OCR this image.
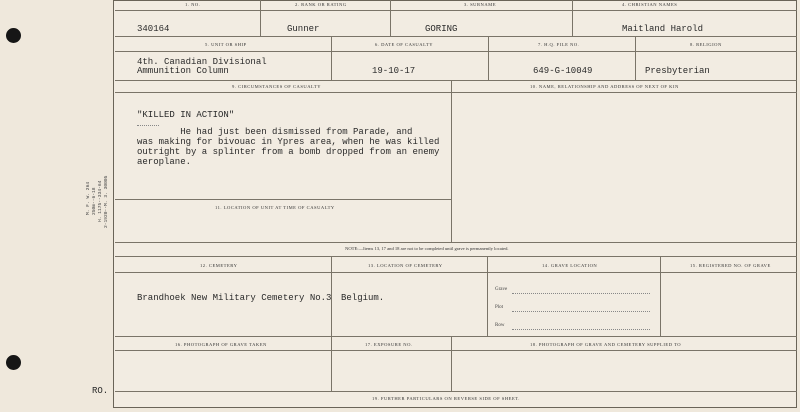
M. F. W. 264 250m--6-18 H. 1175--334-64 2-1920--M. 3. 30005
RO.
1. NO.	2. RANK OR RATING	3. SURNAME	4. CHRISTIAN NAMES
340164	Gunner	GORING	Maitland Harold
5. UNIT OR SHIP	6. DATE OF CASUALTY	7. H.Q. FILE NO.	8. RELIGION
4th. Canadian Divisional
Ammunition Column	19-10-17	649-G-10049	Presbyterian
9. CIRCUMSTANCES OF CASUALTY	10. NAME, RELATIONSHIP AND ADDRESS OF NEXT OF KIN
"KILLED IN ACTION"
He had just been dismissed from Parade, and
was making for bivouac in Ypres area, when he was killed
outright by a splinter from a bomb dropped from an enemy
aeroplane.
11. LOCATION OF UNIT AT TIME OF CASUALTY
NOTE:—Items 13, 17 and 18 are not to be completed until grave is permanently located.
12. CEMETERY	13. LOCATION OF CEMETERY	14. GRAVE LOCATION	15. REGISTERED NO. OF GRAVE
Brandhoek New Military Cemetery No.3 Belgium.
Grave
Plot
Row
16. PHOTOGRAPH OF GRAVE TAKEN	17. EXPOSURE NO.	18. PHOTOGRAPH OF GRAVE AND CEMETERY SUPPLIED TO
19. FURTHER PARTICULARS ON REVERSE SIDE OF SHEET.
